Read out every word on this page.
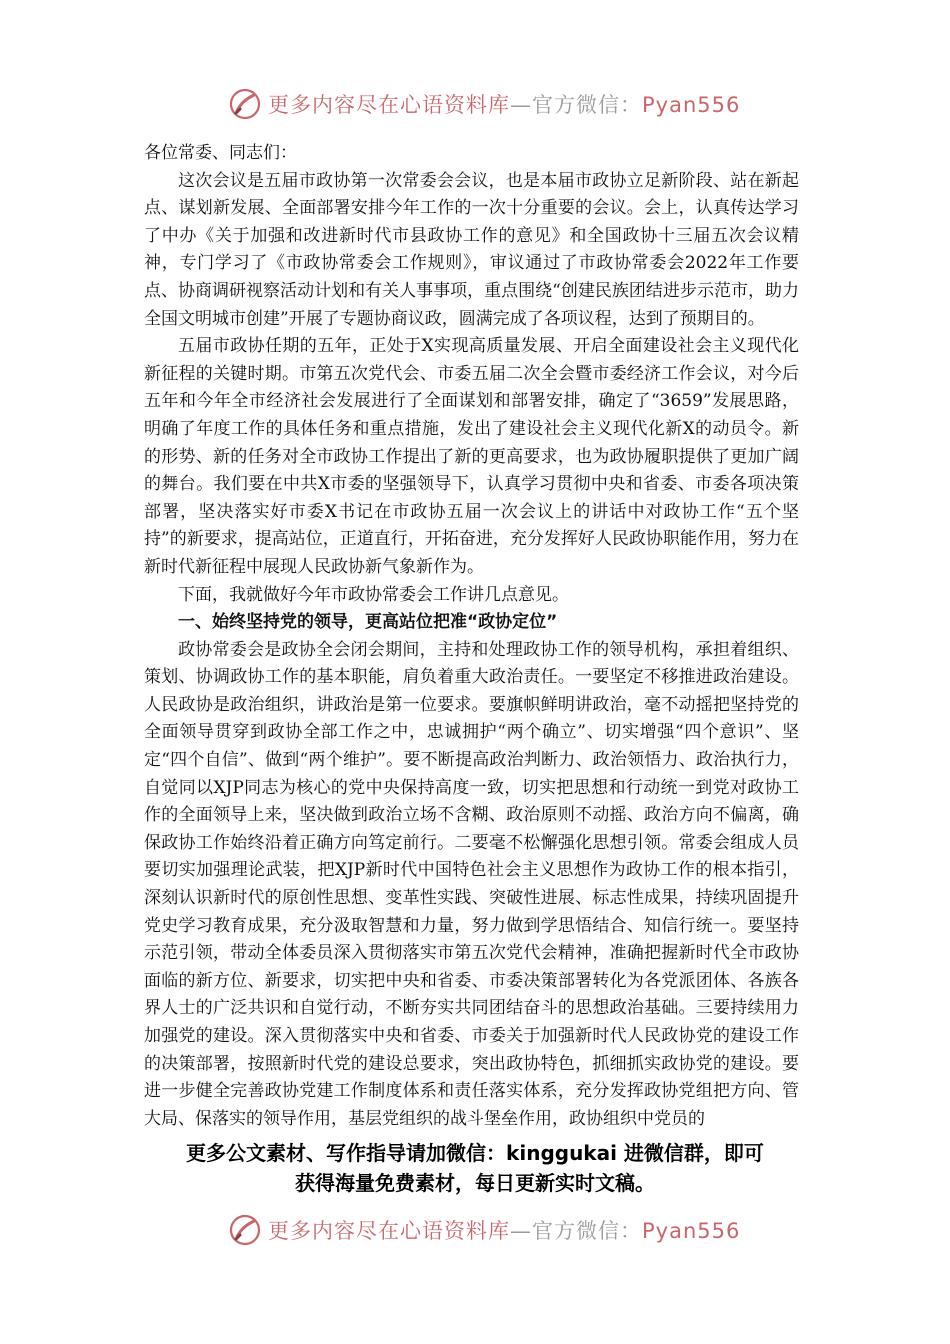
更多内容尽在心语资料库—官方微信：Pyan556

各位常委、同志们：

这次会议是五届市政协第一次常委会会议，也是本届市政协立足新阶段、站在新起点、谋划新发展、全面部署安排今年工作的一次十分重要的会议。会上，认真传达学习了中办《关于加强和改进新时代市县政协工作的意见》和全国政协十三届五次会议精神，专门学习了《市政协常委会工作规则》，审议通过了市政协常委会2022年工作要点、协商调研视察活动计划和有关人事事项，重点围绕“创建民族团结进步示范市，助力全国文明城市创建”开展了专题协商议政，圆满完成了各项议程，达到了预期目的。

五届市政协任期的五年，正处于X实现高质量发展、开启全面建设社会主义现代化新征程的关键时期。市第五次党代会、市委五届二次全会暨市委经济工作会议，对今后五年和今年全市经济社会发展进行了全面谋划和部署安排，确定了“3659”发展思路，明确了年度工作的具体任务和重点措施，发出了建设社会主义现代化新X的动员令。新的形势、新的任务对全市政协工作提出了新的更高要求，也为政协履职提供了更加广阔的舞台。我们要在中共X市委的坚强领导下，认真学习贯彻中央和省委、市委各项决策部署，坚决落实好市委X书记在市政协五届一次会议上的讲话中对政协工作“五个坚持”的新要求，提高站位，正道直行，开拓奋进，充分发挥好人民政协职能作用，努力在新时代新征程中展现人民政协新气象新作为。

下面，我就做好今年市政协常委会工作讲几点意见。

一、始终坚持党的领导，更高站位把准“政协定位”

政协常委会是政协全会闭会期间，主持和处理政协工作的领导机构，承担着组织、策划、协调政协工作的基本职能，肩负着重大政治责任。一要坚定不移推进政治建设。人民政协是政治组织，讲政治是第一位要求。要旗帜鲜明讲政治，毫不动摇把坚持党的全面领导贯穿到政协全部工作之中，忠诚拥护“两个确立”、切实增强“四个意识”、坚定“四个自信”、做到“两个维护”。要不断提高政治判断力、政治领悟力、政治执行力，自觉同以XJP同志为核心的党中央保持高度一致，切实把思想和行动统一到党对政协工作的全面领导上来，坚决做到政治立场不含糊、政治原则不动摇、政治方向不偏离，确保政协工作始终沿着正确方向笃定前行。二要毫不松懈强化思想引领。常委会组成人员要切实加强理论武装，把XJP新时代中国特色社会主义思想作为政协工作的根本指引，深刻认识新时代的原创性思想、变革性实践、突破性进展、标志性成果，持续巩固提升党史学习教育成果，充分汲取智慧和力量，努力做到学思悟结合、知信行统一。要坚持示范引领，带动全体委员深入贯彻落实市第五次党代会精神，准确把握新时代全市政协面临的新方位、新要求，切实把中央和省委、市委决策部署转化为各党派团体、各族各界人士的广泛共识和自觉行动，不断夯实共同团结奋斗的思想政治基础。三要持续用力加强党的建设。深入贯彻落实中央和省委、市委关于加强新时代人民政协党的建设工作的决策部署，按照新时代党的建设总要求，突出政协特色，抓细抓实政协党的建设。要进一步健全完善政协党建工作制度体系和责任落实体系，充分发挥政协党组把方向、管大局、保落实的领导作用，基层党组织的战斗堡垒作用，政协组织中党员的

更多公文素材、写作指导请加微信：kinggukai 进微信群，即可
获得海量免费素材，每日更新实时文稿。
更多内容尽在心语资料库—官方微信：Pyan556
